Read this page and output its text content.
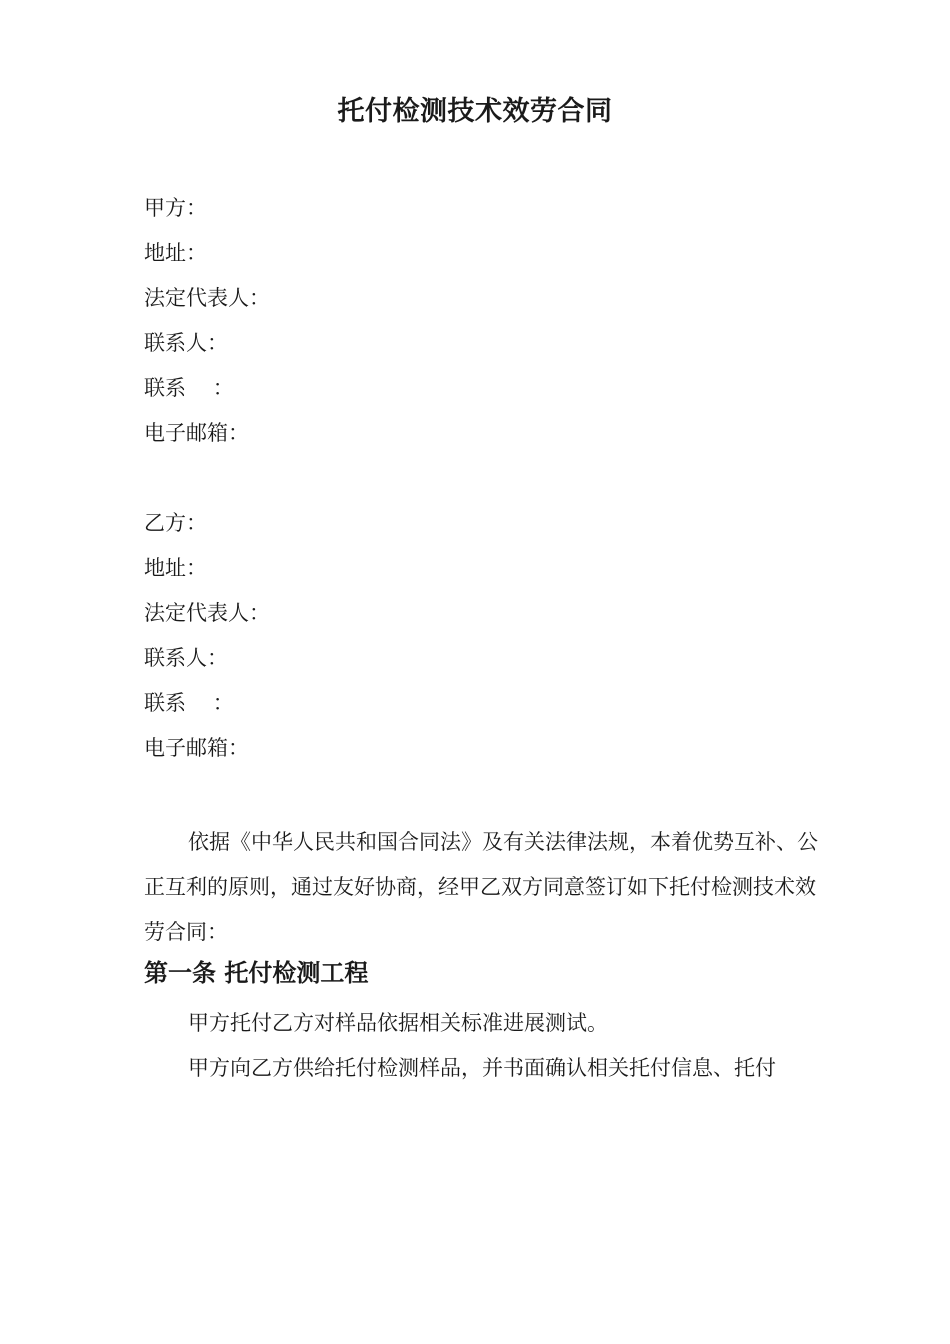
托付检测技术效劳合同
甲方：
地址：
法定代表人：
联系人：
联系    ：
电子邮箱：
乙方：
地址：
法定代表人：
联系人：
联系    ：
电子邮箱：
依据《中华人民共和国合同法》及有关法律法规，本着优势互补、公正互利的原则，通过友好协商，经甲乙双方同意签订如下托付检测技术效劳合同：
第一条 托付检测工程
甲方托付乙方对样品依据相关标准进展测试。
甲方向乙方供给托付检测样品，并书面确认相关托付信息、托付
